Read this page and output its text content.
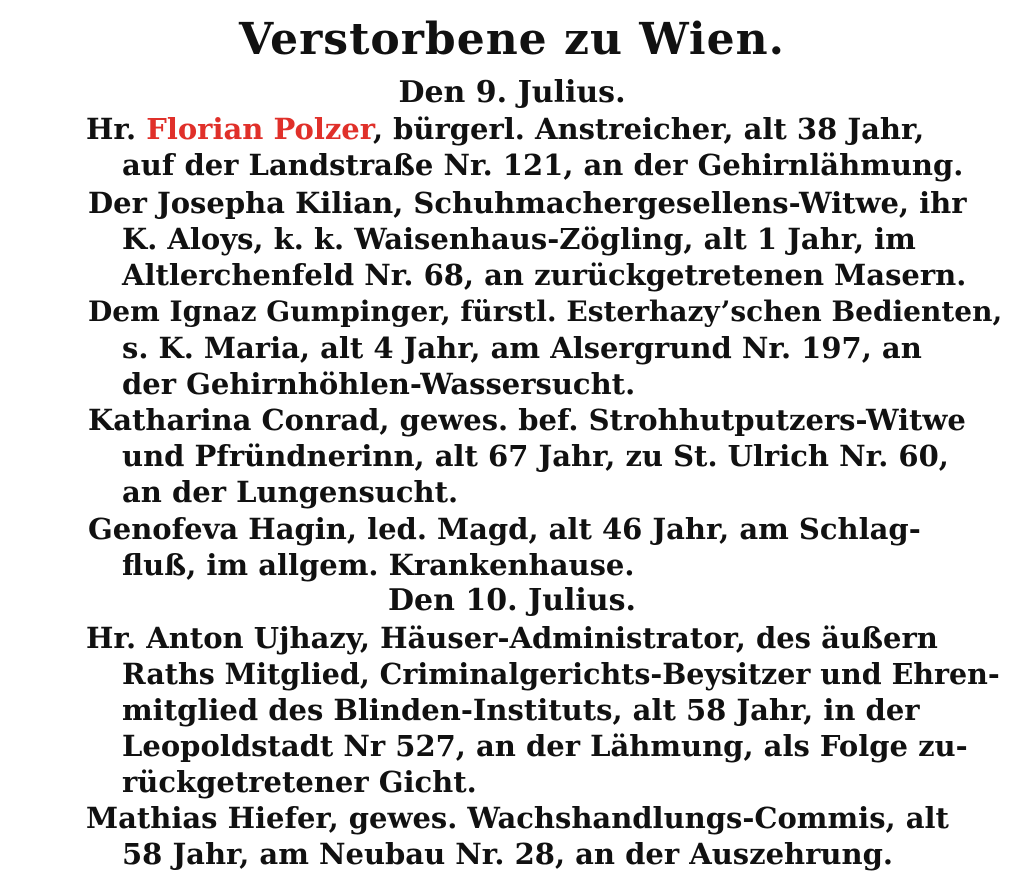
Verstorbene zu Wien.
Den 9. Julius.
Hr. Florian Polzer, bürgerl. Anstreicher, alt 38 Jahr,
auf der Landstraße Nr. 121, an der Gehirnlähmung.
Der Josepha Kilian, Schuhmachergesellens-Witwe, ihr
K. Aloys, k. k. Waisenhaus-Zögling, alt 1 Jahr, im
Altlerchenfeld Nr. 68, an zurückgetretenen Masern.
Dem Ignaz Gumpinger, fürstl. Esterhazy’schen Bedienten,
s. K. Maria, alt 4 Jahr, am Alsergrund Nr. 197, an
der Gehirnhöhlen-Wassersucht.
Katharina Conrad, gewes. bef. Strohhutputzers-Witwe
und Pfründnerinn, alt 67 Jahr, zu St. Ulrich Nr. 60,
an der Lungensucht.
Genofeva Hagin, led. Magd, alt 46 Jahr, am Schlag-
fluß, im allgem. Krankenhause.
Den 10. Julius.
Hr. Anton Ujhazy, Häuser-Administrator, des äußern
Raths Mitglied, Criminalgerichts-Beysitzer und Ehren-
mitglied des Blinden-Instituts, alt 58 Jahr, in der
Leopoldstadt Nr 527, an der Lähmung, als Folge zu-
rückgetretener Gicht.
Mathias Hiefer, gewes. Wachshandlungs-Commis, alt
58 Jahr, am Neubau Nr. 28, an der Auszehrung.
